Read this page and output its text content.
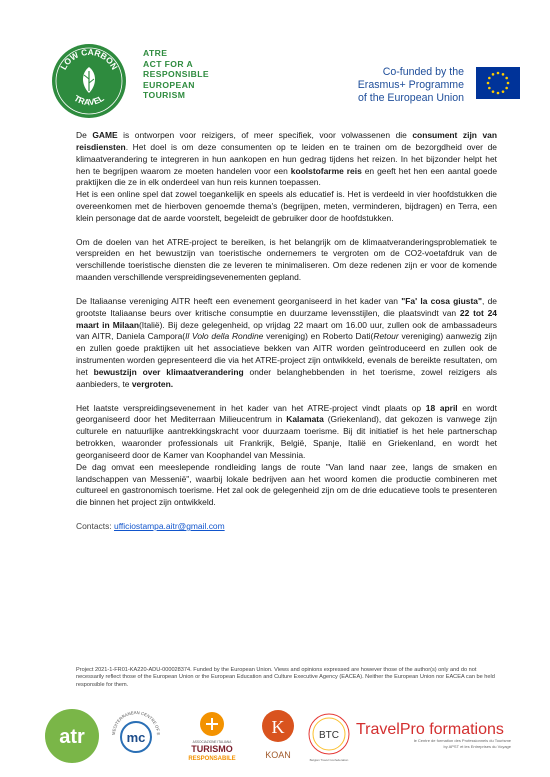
LOW CARBON
TRAVEL
ATRE
ACT FOR A
RESPONSIBLE
EUROPEAN
TOURISM
Co-funded by the
Erasmus+ Programme
of the European Union

De GAME is ontworpen voor reizigers, of meer specifiek, voor volwassenen die consument zijn van reisdiensten. Het doel is om deze consumenten op te leiden en te trainen om de bezorgdheid over de klimaatverandering te integreren in hun aankopen en hun gedrag tijdens het reizen. In het bijzonder helpt het hen te begrijpen waarom ze moeten handelen voor een koolstofarme reis en geeft het hen een aantal goede praktijken die ze in elk onderdeel van hun reis kunnen toepassen.

Het is een online spel dat zowel toegankelijk en speels als educatief is. Het is verdeeld in vier hoofdstukken die overeenkomen met de hierboven genoemde thema's (begrijpen, meten, verminderen, bijdragen) en Terra, een klein personage dat de aarde voorstelt, begeleidt de gebruiker door de hoofdstukken.

Om de doelen van het ATRE-project te bereiken, is het belangrijk om de klimaatveranderingsproblematiek te verspreiden en het bewustzijn van toeristische ondernemers te vergroten om de CO2-voetafdruk van de verschillende toeristische diensten die ze leveren te minimaliseren. Om deze redenen zijn er voor de komende maanden verschillende verspreidingsevenementen gepland.

De Italiaanse vereniging AITR heeft een evenement georganiseerd in het kader van "Fa' la cosa giusta", de grootste Italiaanse beurs over kritische consumptie en duurzame levensstijlen, die plaatsvindt van 22 tot 24 maart in Milaan(Italië). Bij deze gelegenheid, op vrijdag 22 maart om 16.00 uur, zullen ook de ambassadeurs van AITR, Daniela Campora(Il Volo della Rondine vereniging) en Roberto Dati(Retour vereniging) aanwezig zijn en zullen goede praktijken uit het associatieve bekken van AITR worden geïntroduceerd en zullen ook de instrumenten worden gepresenteerd die via het ATRE-project zijn ontwikkeld, evenals de bereikte resultaten, om het bewustzijn over klimaatverandering onder belanghebbenden in het toerisme, zowel reizigers als aanbieders, te vergroten.

Het laatste verspreidingsevenement in het kader van het ATRE-project vindt plaats op 18 april en wordt georganiseerd door het Mediterraan Milieucentrum in Kalamata (Griekenland), dat gekozen is vanwege zijn culturele en natuurlijke aantrekkingskracht voor duurzaam toerisme. Bij dit initiatief is het hele partnerschap betrokken, waaronder professionals uit Frankrijk, België, Spanje, Italië en Griekenland, en wordt het georganiseerd door de Kamer van Koophandel van Messinia.

De dag omvat een meeslepende rondleiding langs de route "Van land naar zee, langs de smaken en landschappen van Messenië", waarbij lokale bedrijven aan het woord komen die productie combineren met cultureel en gastronomisch toerisme. Het zal ook de gelegenheid zijn om de drie educatieve tools te presenteren die binnen het project zijn ontwikkeld.

Contacts: ufficiostampa.aitr@gmail.com

Project 2021-1-FR01-KA220-ADU-000028374. Funded by the European Union. Views and opinions expressed are however those of the author(s) only and do not necessarily reflect those of the European Union or the European Education and Culture Executive Agency (EACEA). Neither the European Union nor EACEA can be held responsible for them.
atr	MEDITERRANEAN CENTRE OF E
mc	ASSOCIAZIONE ITALIANA
TURISMO
RESPONSABILE
K
KOAN
BTC
Belgian Travel Confederation
TravelPro formations
le Centre de formation des Professionnels du Tourisme
by APST et les Entreprises du Voyage
